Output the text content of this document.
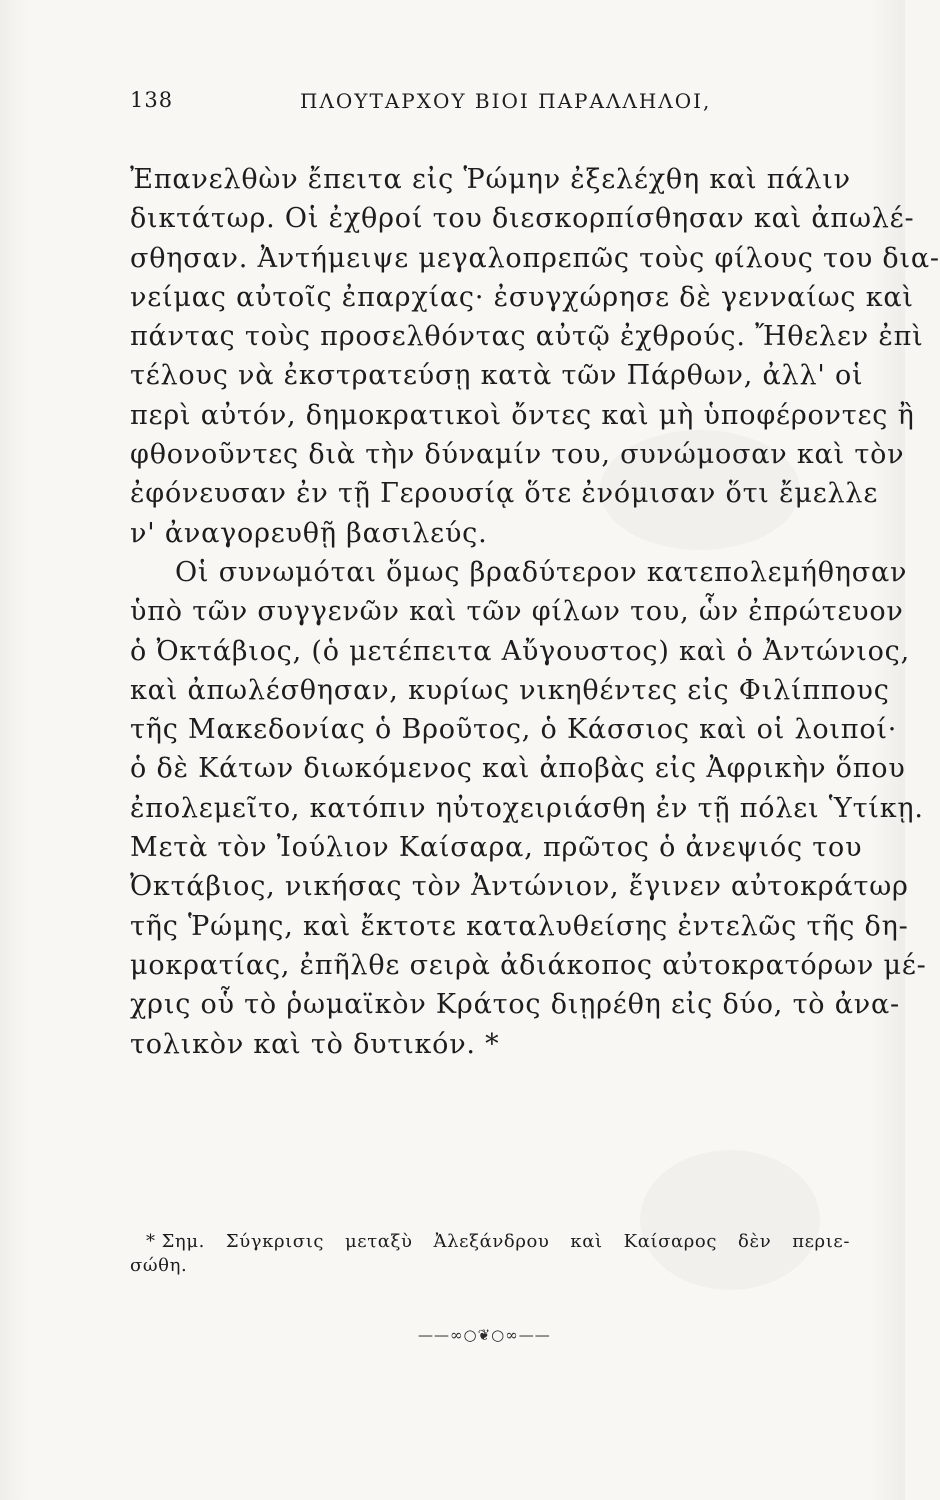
138	ΠΛΟΥΤΑΡΧΟΥ ΒΙΟΙ ΠΑΡΑΛΛΗΛΟΙ,
Ἐπανελθὼν ἔπειτα εἰς Ῥώμην ἐξελέχθη καὶ πάλιν
δικτάτωρ. Οἱ ἐχθροί του διεσκορπίσθησαν καὶ ἀπωλέ-
σθησαν. Ἀντήμειψε μεγαλοπρεπῶς τοὺς φίλους του δια-
νείμας αὐτοῖς ἐπαρχίας· ἐσυγχώρησε δὲ γενναίως καὶ
πάντας τοὺς προσελθόντας αὐτῷ ἐχθρούς. Ἤθελεν ἐπὶ
τέλους νὰ ἐκστρατεύσῃ κατὰ τῶν Πάρθων, ἀλλ' οἱ
περὶ αὐτόν, δημοκρατικοὶ ὄντες καὶ μὴ ὑποφέροντες ἢ
φθονοῦντες διὰ τὴν δύναμίν του, συνώμοσαν καὶ τὸν
ἐφόνευσαν ἐν τῇ Γερουσίᾳ ὅτε ἐνόμισαν ὅτι ἔμελλε
ν' ἀναγορευθῇ βασιλεύς.
Οἱ συνωμόται ὅμως βραδύτερον κατεπολεμήθησαν
ὑπὸ τῶν συγγενῶν καὶ τῶν φίλων του, ὧν ἐπρώτευον
ὁ Ὀκτάβιος, (ὁ μετέπειτα Αὔγουστος) καὶ ὁ Ἀντώνιος,
καὶ ἀπωλέσθησαν, κυρίως νικηθέντες εἰς Φιλίππους
τῆς Μακεδονίας ὁ Βροῦτος, ὁ Κάσσιος καὶ οἱ λοιποί·
ὁ δὲ Κάτων διωκόμενος καὶ ἀποβὰς εἰς Ἀφρικὴν ὅπου
ἐπολεμεῖτο, κατόπιν ηὐτοχειριάσθη ἐν τῇ πόλει Ὑτίκῃ.
Μετὰ τὸν Ἰούλιον Καίσαρα, πρῶτος ὁ ἀνεψιός του
Ὀκτάβιος, νικήσας τὸν Ἀντώνιον, ἔγινεν αὐτοκράτωρ
τῆς Ῥώμης, καὶ ἔκτοτε καταλυθείσης ἐντελῶς τῆς δη-
μοκρατίας, ἐπῆλθε σειρὰ ἀδιάκοπος αὐτοκρατόρων μέ-
χρις οὗ τὸ ῥωμαϊκὸν Κράτος διῃρέθη εἰς δύο, τὸ ἀνα-
τολικὸν καὶ τὸ δυτικόν. *
* Σημ. Σύγκρισις μεταξὺ Ἀλεξάνδρου καὶ Καίσαρος δὲν περιε-
σώθη.
——∞○❦○∞——
